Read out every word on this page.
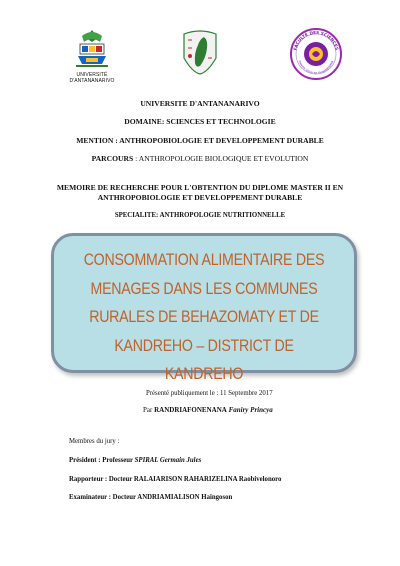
UNIVERSITÉ D'ANTANANARIVO
FACULTÉ DES SCIENCES
MANTRY SOTRY NY FAHAMARINANA
UNIVERSITE D'ANTANANARIVO
DOMAINE: SCIENCES ET TECHNOLOGIE
MENTION : ANTHROPOBIOLOGIE ET DEVELOPPEMENT DURABLE
PARCOURS : ANTHROPOLOGIE BIOLOGIQUE ET EVOLUTION
MEMOIRE DE RECHERCHE POUR L'OBTENTION DU DIPLOME MASTER II EN
ANTHROPOBIOLOGIE ET DEVELOPPEMENT DURABLE
SPECIALITE: ANTHROPOLOGIE NUTRITIONNELLE
CONSOMMATION ALIMENTAIRE DES
MENAGES DANS LES COMMUNES
RURALES DE BEHAZOMATY ET DE
KANDREHO – DISTRICT DE KANDREHO
Présenté publiquement le : 11 Septembre 2017
Par RANDRIAFONENANA Faniry Princya
Membres du jury :
Président : Professeur SPIRAL Germain Jules
Rapporteur : Docteur RALAIARISON RAHARIZELINA Raobivelonoro
Examinateur : Docteur ANDRIAMIALISON Haingoson
